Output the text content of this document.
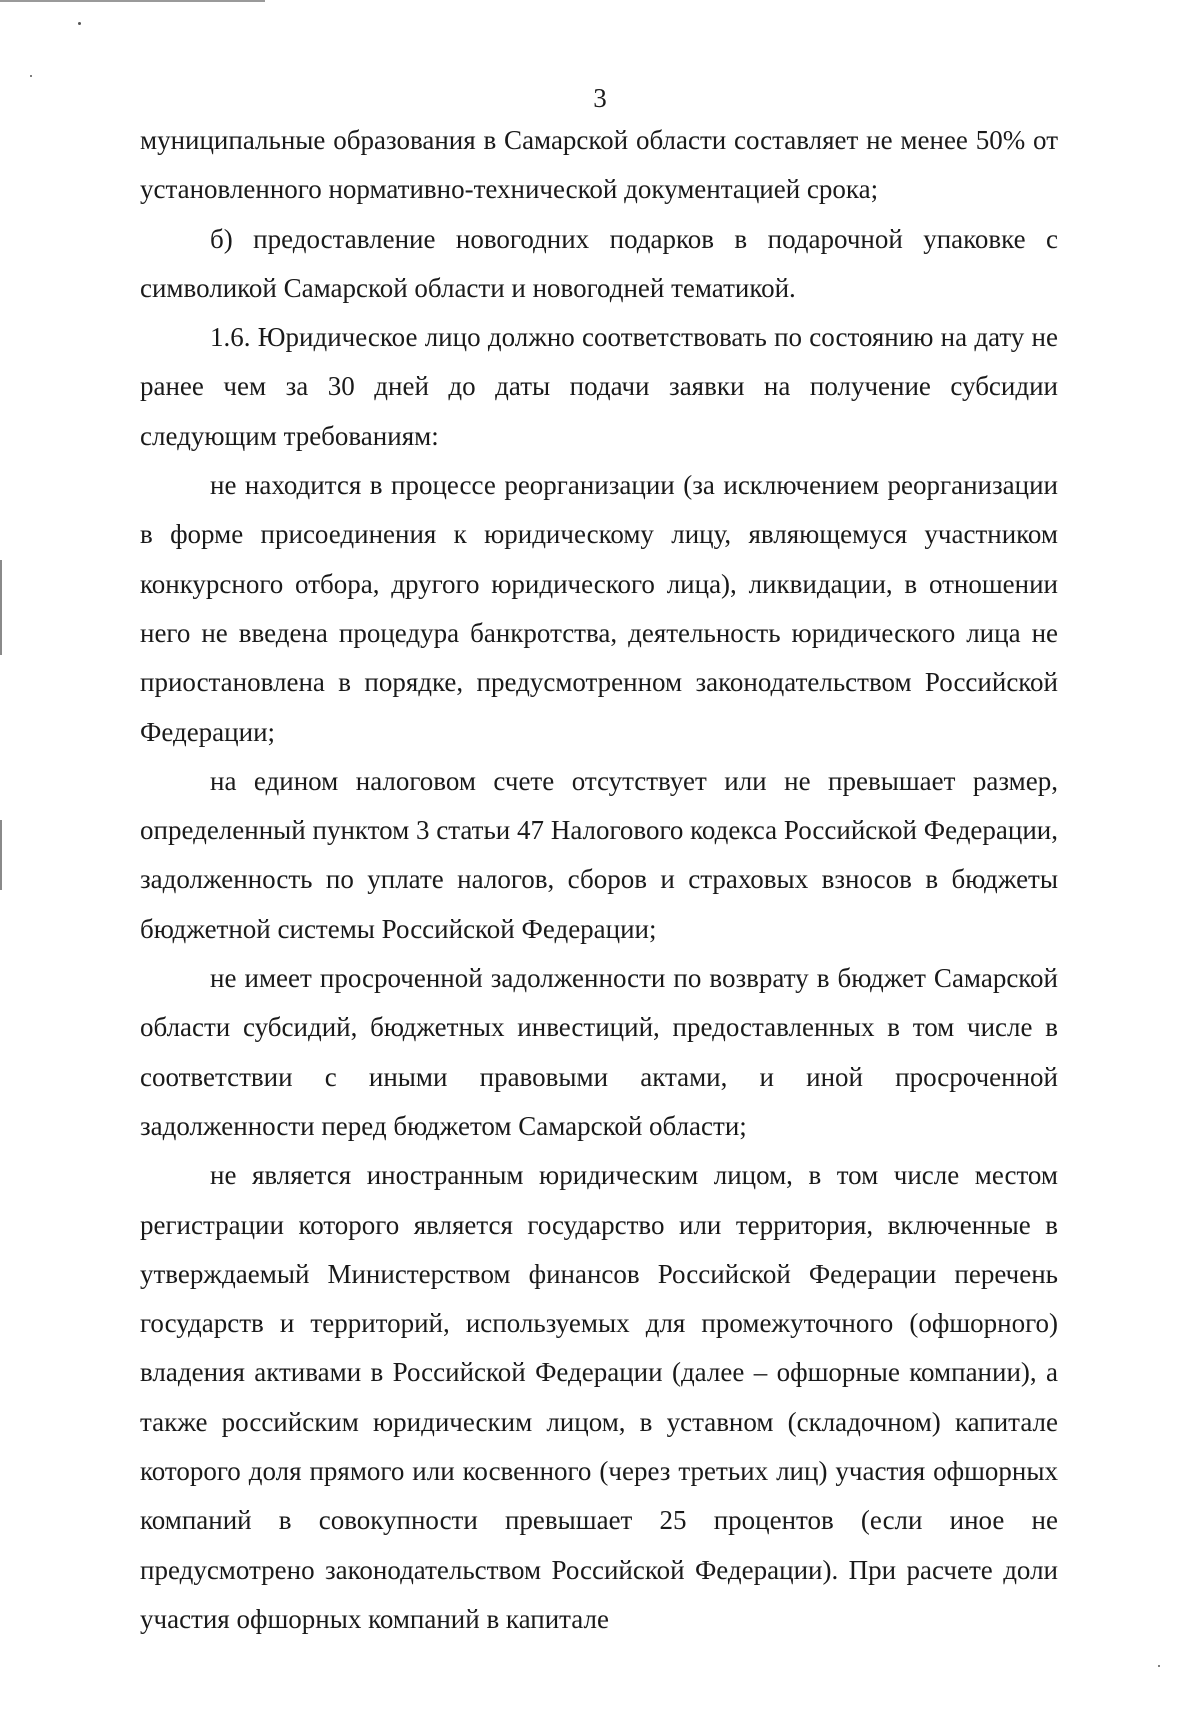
3

муниципальные образования в Самарской области составляет не менее 50% от установленного нормативно-технической документацией срока;

б) предоставление новогодних подарков в подарочной упаковке с символикой Самарской области и новогодней тематикой.

1.6. Юридическое лицо должно соответствовать по состоянию на дату не ранее чем за 30 дней до даты подачи заявки на получение субсидии следующим требованиям:

не находится в процессе реорганизации (за исключением реорганизации в форме присоединения к юридическому лицу, являющемуся участником конкурсного отбора, другого юридического лица), ликвидации, в отношении него не введена процедура банкротства, деятельность юридического лица не приостановлена в порядке, предусмотренном законодательством Российской Федерации;

на едином налоговом счете отсутствует или не превышает размер, определенный пунктом 3 статьи 47 Налогового кодекса Российской Федерации, задолженность по уплате налогов, сборов и страховых взносов в бюджеты бюджетной системы Российской Федерации;

не имеет просроченной задолженности по возврату в бюджет Самарской области субсидий, бюджетных инвестиций, предоставленных в том числе в соответствии с иными правовыми актами, и иной просроченной задолженности перед бюджетом Самарской области;

не является иностранным юридическим лицом, в том числе местом регистрации которого является государство или территория, включенные в утверждаемый Министерством финансов Российской Федерации перечень государств и территорий, используемых для промежуточного (офшорного) владения активами в Российской Федерации (далее – офшорные компании), а также российским юридическим лицом, в уставном (складочном) капитале которого доля прямого или косвенного (через третьих лиц) участия офшорных компаний в совокупности превышает 25 процентов (если иное не предусмотрено законодательством Российской Федерации). При расчете доли участия офшорных компаний в капитале
